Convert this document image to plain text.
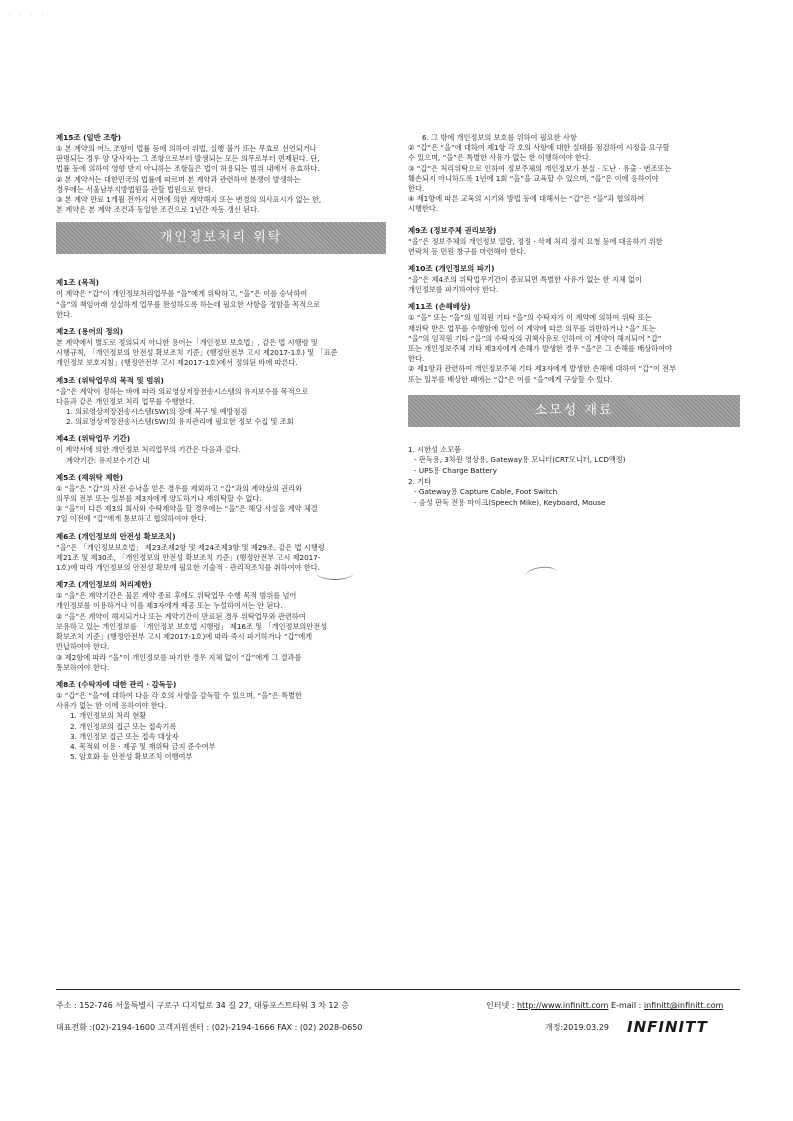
· · · ·
제15조 (일반 조항)

① 본 계약의 어느 조항이 법률 등에 의하여 위법, 실행 불가 또는 무효로 선언되거나

판명되는 경우 양 당사자는 그 조항으로부터 발생되는 모든 의무로부터 면제된다. 단,

법률 등에 의하여 영향 받지 아니하는 조항들은 법이 허용되는 범위 내에서 유효하다.

② 본 계약서는 대한민국의 법률에 따르며 본 계약과 관련하여 분쟁이 발생하는

경우에는 서울남부지방법원을 관할 법원으로 한다.

③ 본 계약 만료 1개월 전까지 서면에 의한 계약해지 또는 변경의 의사표시가 없는 한,

본 계약은 본 계약 조건과 동일한 조건으로 1년간 자동 갱신 된다.

개인정보처리 위탁
제1조 (목적)

이 계약은 “갑”이 개인정보처리업무를 “을”에게 위탁하고, “을”은 이를 승낙하여

“을”의 책임아래 성실하게 업무를 완성하도록 하는데 필요한 사항을 정함을 목적으로

한다.

제2조 (용어의 정의)

본 계약에서 별도로 정의되지 아니한 용어는「개인정보 보호법」, 같은 법 시행령 및

시행규칙, 「개인정보의 안전성 확보조치 기준」(행정안전부 고시 제2017-1호) 및 「표준

개인정보 보호지침」(행정안전부 고시 제2017-1호)에서 정의된 바에 따른다.

제3조 (위탁업무의 목적 및 범위)

“을”은 계약이 정하는 바에 따라 의료영상저장전송시스템의 유지보수를 목적으로

다음과 같은 개인정보 처리 업무를 수행한다.

1. 의료영상저장전송시스템(SW)의 장애 복구 및 예방점검

2. 의료영상저장전송시스템(SW)의 유지관리에 필요한 정보 수집 및 조회

제4조 (위탁업무 기간)

이 계약서에 의한 개인정보 처리업무의 기간은 다음과 같다.

계약기간: 유지보수기간 내

제5조 (재위탁 제한)

① “을”은 “갑”의 사전 승낙을 얻은 경우를 제외하고 “갑”과의 계약상의 권리와

의무의 전부 또는 일부를 제3자에게 양도하거나 재위탁할 수 없다.

② “을”이 다른 제3의 회사와 수탁계약을 할 경우에는 “을”은 해당 사실을 계약 체결

7일 이전에 “갑”에게 통보하고 협의하여야 한다.

제6조 (개인정보의 안전성 확보조치)

“을”은 「개인정보보호법」 제23조제2항 및 제24조제3항 및 제29조, 같은 법 시행령

제21조 및 제30조, 「개인정보의 안전성 확보조치 기준」(행정안전부 고시 제2017-

1호)에 따라 개인정보의 안전성 확보에 필요한 기술적 · 관리적조치를 취하여야 한다.

제7조 (개인정보의 처리제한)

① “을”은 계약기간은 물론 계약 종료 후에도 위탁업무 수행 목적 범위를 넘어

개인정보를 이용하거나 이를 제3자에게 제공 또는 누설하여서는 안 된다.

② “을”은 계약이 해지되거나 또는 계약기간이 만료된 경우 위탁업무와 관련하여

보유하고 있는 개인정보를 「개인정보 보호법 시행령」 제16조 및 「개인정보의안전성

확보조치 기준」(행정안전부 고시 제2017-1호)에 따라 즉시 파기하거나 “갑”에게

반납하여야 한다.

③ 제2항에 따라 “을”이 개인정보를 파기한 경우 지체 없이 “갑”에게 그 결과를

통보하여야 한다.

제8조 (수탁자에 대한 관리 · 감독등)

① “갑”은 “을”에 대하여 다음 각 호의 사항을 감독할 수 있으며, “을”은 특별한

사유가 없는 한 이에 응하여야 한다.

1. 개인정보의 처리 현황

2. 개인정보의 접근 또는 접속기록

3. 개인정보 접근 또는 접속 대상자

4. 목적외 이용 · 제공 및 재위탁 금지 준수여부

5. 암호화 등 안전성 확보조치 이행여부

6. 그 밖에 개인정보의 보호를 위하여 필요한 사항

② “갑”은 “을”에 대하여 제1항 각 호의 사항에 대한 실태를 점검하여 시정을 요구할

수 있으며, “을”은 특별한 사유가 없는 한 이행하여야 한다.

③ “갑”은 처리위탁으로 인하여 정보주체의 개인정보가 분실 · 도난 · 유출 · 변조또는

훼손되지 아니하도록 1년에 1회 “을”을 교육할 수 있으며, “을”은 이에 응하여야

한다.

④ 제1항에 따른 교육의 시기와 방법 등에 대해서는 “갑”은 “을”과 협의하여

시행한다.

제9조 (정보주체 권리보장)

“을”은 정보주체의 개인정보 열람, 정정 · 삭제 처리 정지 요청 등에 대응하기 위한

연락처 등 민원 창구를 마련해야 한다.

제10조 (개인정보의 파기)

“을”은 제4조의 위탁업무기간이 종료되면 특별한 사유가 없는 한 지체 없이

개인정보를 파기하여야 한다.

제11조 (손해배상)

① “을” 또는 “을”의 임직원 기타 “을”의 수탁자가 이 계약에 의하여 위탁 또는

재위탁 받은 업무를 수행함에 있어 이 계약에 따른 의무를 위반하거나 “을” 또는

“을”의 임직원 기타 “을”의 수탁자의 귀책사유로 인하여 이 계약이 해지되어 “갑”

또는 개인정보주체 기타 제3자에게 손해가 발생한 경우 “을”은 그 손해를 배상하여야

한다.

② 제1항과 관련하여 개인정보주체 기타 제3자에게 발생한 손해에 대하여 “갑”이 전부

또는 일부를 배상한 때에는 “갑”은 이를 “을”에게 구상할 수 있다.

소모성 재료

1. 시한성 소모품

- 판독용, 3차원 영상용, Gateway용 모니터(CRT모니터, LCD액정)

- UPS용 Charge Battery

2. 기타

- Gateway용 Capture Cable, Foot Switch

- 음성 판독 전용 마이크(Speech Mike), Keyboard, Mouse

주소 : 152-746 서울특별시 구로구 디지털로 34 길 27, 대륭포스트타워 3 차 12 층	인터넷 : http://www.infinitt.com E-mail : infinitt@infinitt.com
대표전화 :(02)-2194-1600 고객지원센터 : (02)-2194-1666 FAX : (02) 2028-0650	개정:2019.03.29 INFINITT
